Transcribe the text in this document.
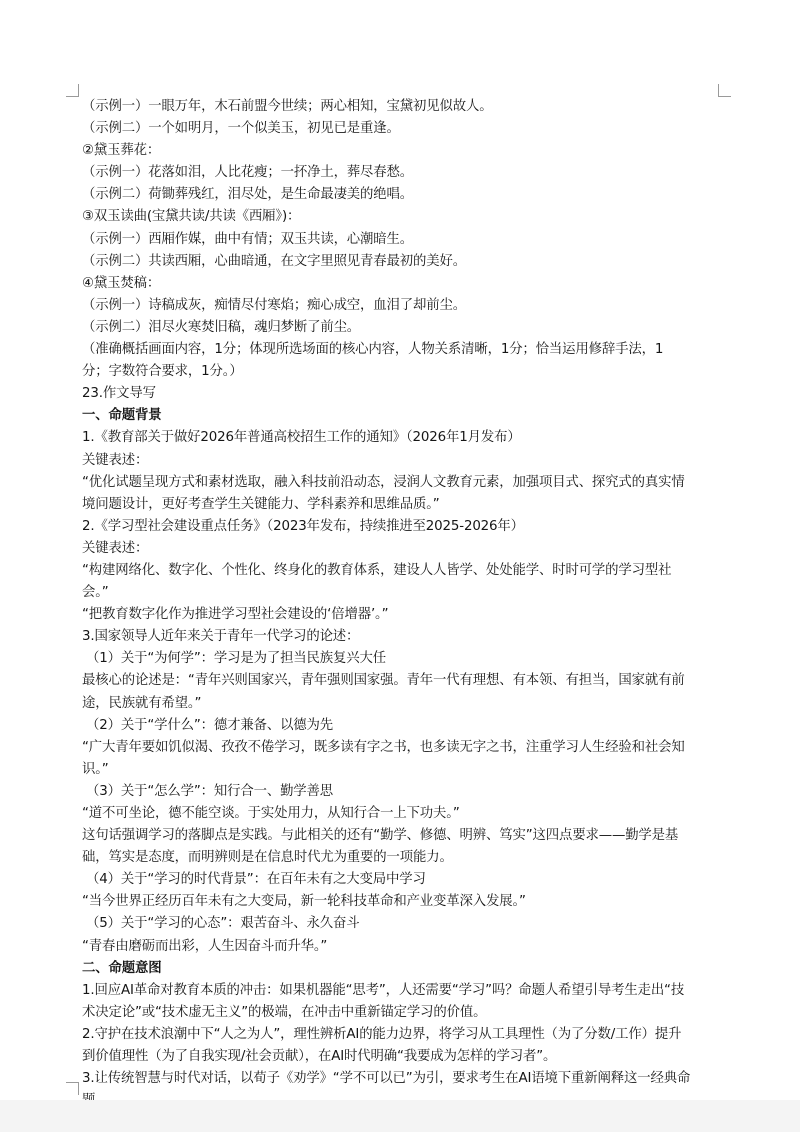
（示例一）一眼万年，木石前盟今世续；两心相知，宝黛初见似故人。
（示例二）一个如明月，一个似美玉，初见已是重逢。
②黛玉葬花：
（示例一）花落如泪，人比花瘦；一抔净土，葬尽春愁。
（示例二）荷锄葬残红，泪尽处，是生命最凄美的绝唱。
③双玉读曲(宝黛共读/共读《西厢》)：
（示例一）西厢作媒，曲中有情；双玉共读，心潮暗生。
（示例二）共读西厢，心曲暗通，在文字里照见青春最初的美好。
④黛玉焚稿：
（示例一）诗稿成灰，痴情尽付寒焰；痴心成空，血泪了却前尘。
（示例二）泪尽火寒焚旧稿，魂归梦断了前尘。
（准确概括画面内容，1分；体现所选场面的核心内容，人物关系清晰，1分；恰当运用修辞手法，1
分；字数符合要求，1分。）
23.作文导写
一、命题背景
1.《教育部关于做好2026年普通高校招生工作的通知》（2026年1月发布）
关键表述：
“优化试题呈现方式和素材选取，融入科技前沿动态，浸润人文教育元素，加强项目式、探究式的真实情
境问题设计，更好考查学生关键能力、学科素养和思维品质。”
2.《学习型社会建设重点任务》（2023年发布，持续推进至2025-2026年）
关键表述：
“构建网络化、数字化、个性化、终身化的教育体系，建设人人皆学、处处能学、时时可学的学习型社
会。”
“把教育数字化作为推进学习型社会建设的‘倍增器’。”
3.国家领导人近年来关于青年一代学习的论述：
（1）关于“为何学”：学习是为了担当民族复兴大任
最核心的论述是：“青年兴则国家兴，青年强则国家强。青年一代有理想、有本领、有担当，国家就有前
途，民族就有希望。”
（2）关于“学什么”：德才兼备、以德为先
“广大青年要如饥似渴、孜孜不倦学习，既多读有字之书，也多读无字之书，注重学习人生经验和社会知
识。”
（3）关于“怎么学”：知行合一、勤学善思
“道不可坐论，德不能空谈。于实处用力，从知行合一上下功夫。”
这句话强调学习的落脚点是实践。与此相关的还有“勤学、修德、明辨、笃实”这四点要求——勤学是基
础，笃实是态度，而明辨则是在信息时代尤为重要的一项能力。
（4）关于“学习的时代背景”：在百年未有之大变局中学习
“当今世界正经历百年未有之大变局，新一轮科技革命和产业变革深入发展。”
（5）关于“学习的心态”：艰苦奋斗、永久奋斗
“青春由磨砺而出彩，人生因奋斗而升华。”
二、命题意图
1.回应AI革命对教育本质的冲击：如果机器能“思考”，人还需要“学习”吗？命题人希望引导考生走出“技
术决定论”或“技术虚无主义”的极端，在冲击中重新锚定学习的价值。
2.守护在技术浪潮中下“人之为人”，理性辨析AI的能力边界，将学习从工具理性（为了分数/工作）提升
到价值理性（为了自我实现/社会贡献），在AI时代明确“我要成为怎样的学习者”。
3.让传统智慧与时代对话，以荀子《劝学》“学不可以已”为引，要求考生在AI语境下重新阐释这一经典命
